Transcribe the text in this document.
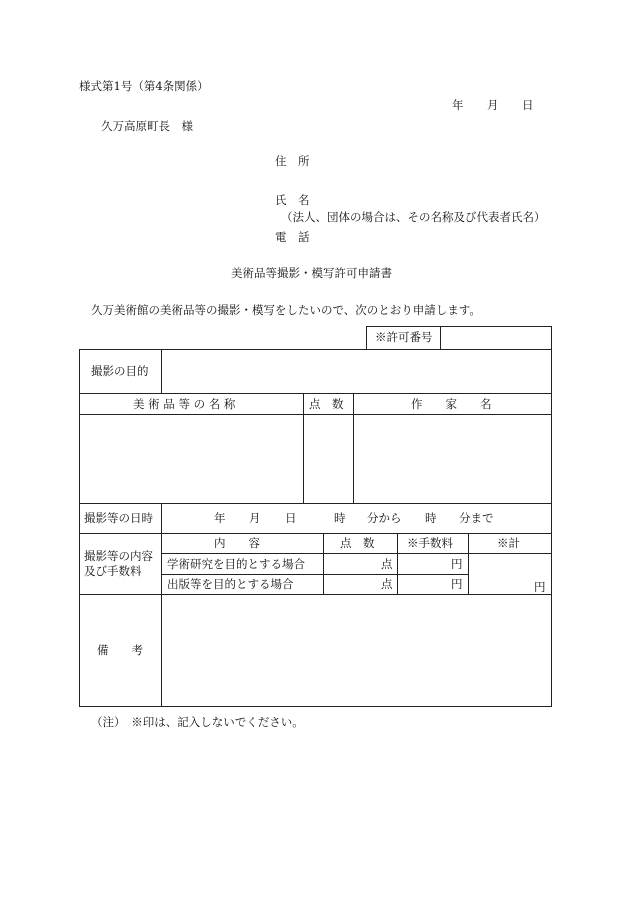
様式第1号（第4条関係）
年 月 日
久万高原町長　様
住　所
氏　名
（法人、団体の場合は、その名称及び代表者氏名）
電　話
美術品等撮影・模写許可申請書
久万美術館の美術品等の撮影・模写をしたいので、次のとおり申請します。
※許可番号
撮影の目的
美 術 品 等 の 名 称	点　数	作　　家　　名
撮影等の日時	年 月 日	時 分から 時 分まで
撮影等の内容
及び手数料
内　　容	点　数	※手数料	※計
学術研究を目的とする場合	点	円
出版等を目的とする場合	点	円	円
備　　考
（注）　※印は、記入しないでください。
